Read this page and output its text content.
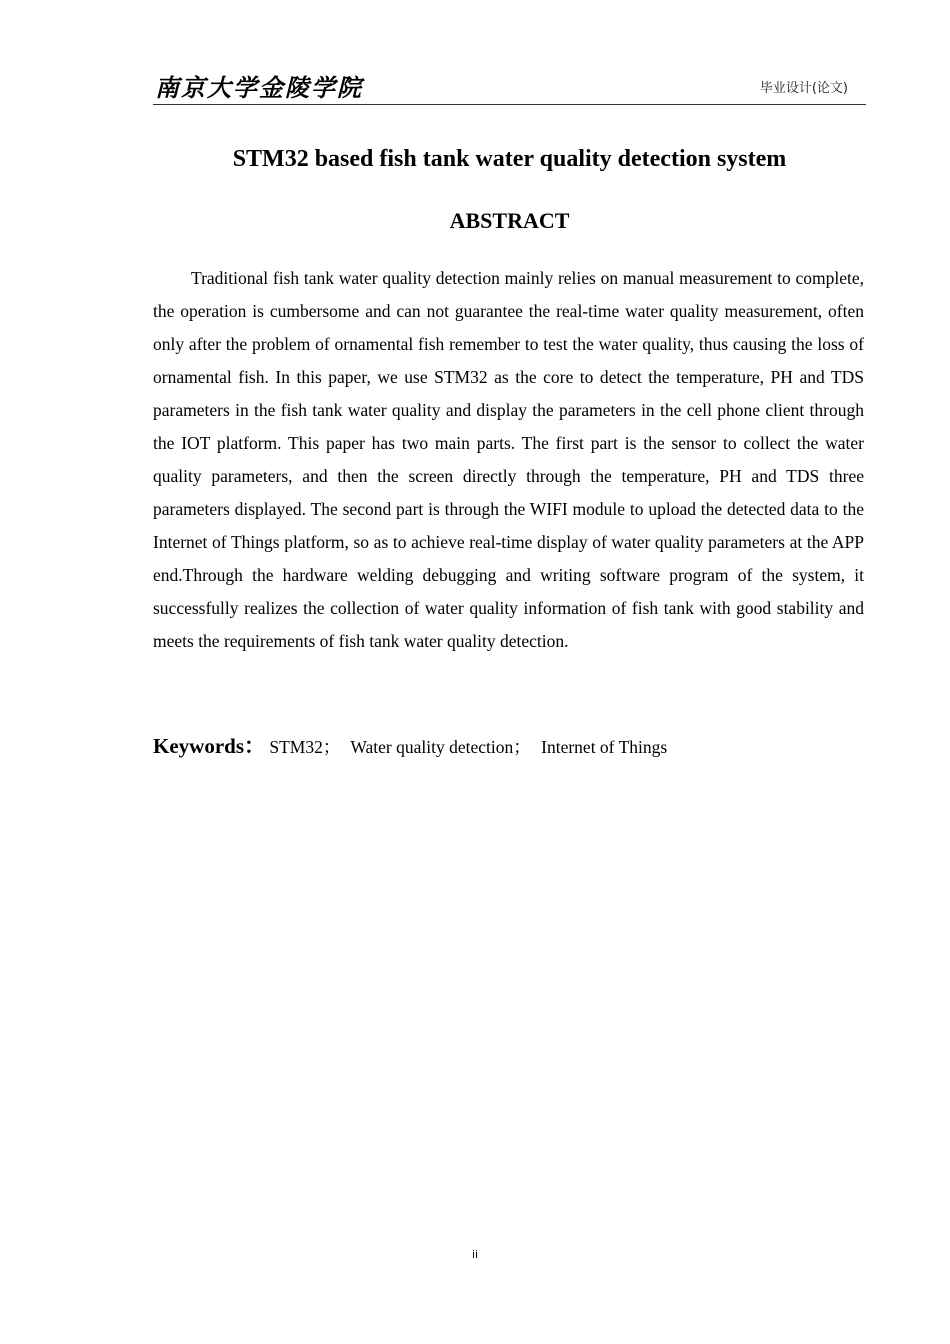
南京大学金陵学院	毕业设计(论文)
STM32 based fish tank water quality detection system
ABSTRACT

Traditional fish tank water quality detection mainly relies on manual measurement to complete, the operation is cumbersome and can not guarantee the real-time water quality measurement, often only after the problem of ornamental fish remember to test the water quality, thus causing the loss of ornamental fish. In this paper, we use STM32 as the core to detect the temperature, PH and TDS parameters in the fish tank water quality and display the parameters in the cell phone client through the IOT platform. This paper has two main parts. The first part is the sensor to collect the water quality parameters, and then the screen directly through the temperature, PH and TDS three parameters displayed. The second part is through the WIFI module to upload the detected data to the Internet of Things platform, so as to achieve real-time display of water quality parameters at the APP end.Through the hardware welding debugging and writing software program of the system, it successfully realizes the collection of water quality information of fish tank with good stability and meets the requirements of fish tank water quality detection.

Keywords： STM32； Water quality detection； Internet of Things
ii
